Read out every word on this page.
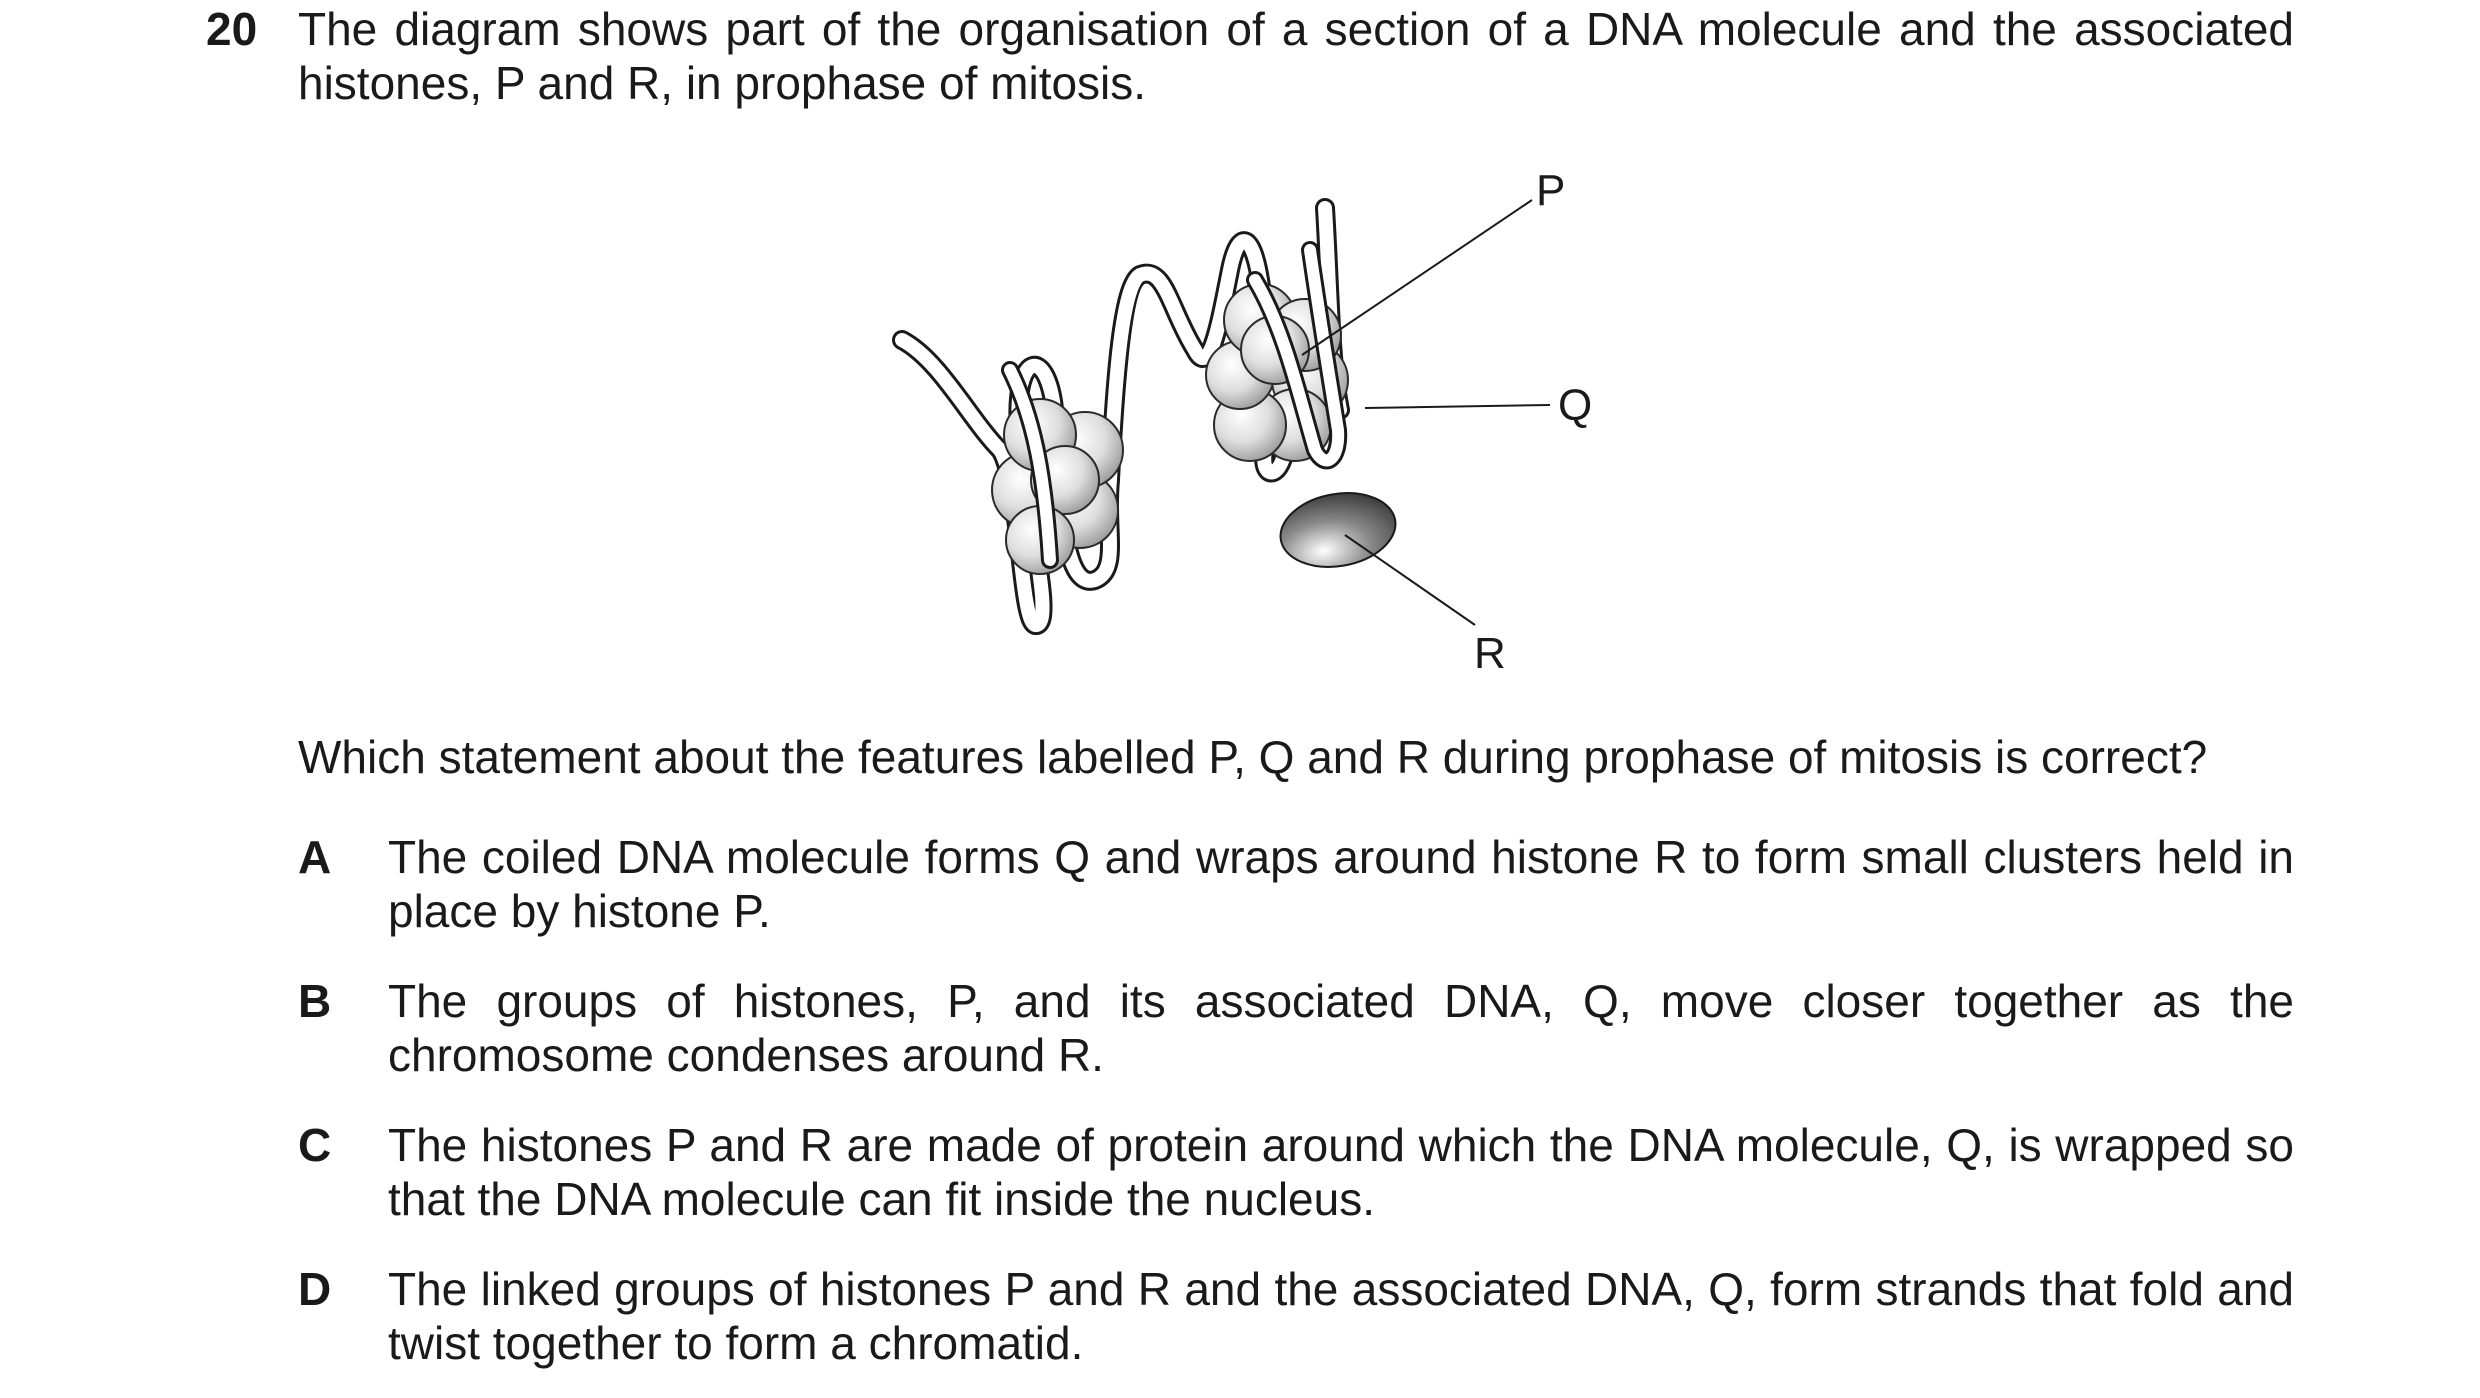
20 The diagram shows part of the organisation of a section of a DNA molecule and the associated histones, P and R, in prophase of mitosis.
P
Q
R
Which statement about the features labelled P, Q and R during prophase of mitosis is correct?
A	The coiled DNA molecule forms Q and wraps around histone R to form small clusters held in place by histone P.
B	The groups of histones, P, and its associated DNA, Q, move closer together as the chromosome condenses around R.
C	The histones P and R are made of protein around which the DNA molecule, Q, is wrapped so that the DNA molecule can fit inside the nucleus.
D	The linked groups of histones P and R and the associated DNA, Q, form strands that fold and twist together to form a chromatid.
